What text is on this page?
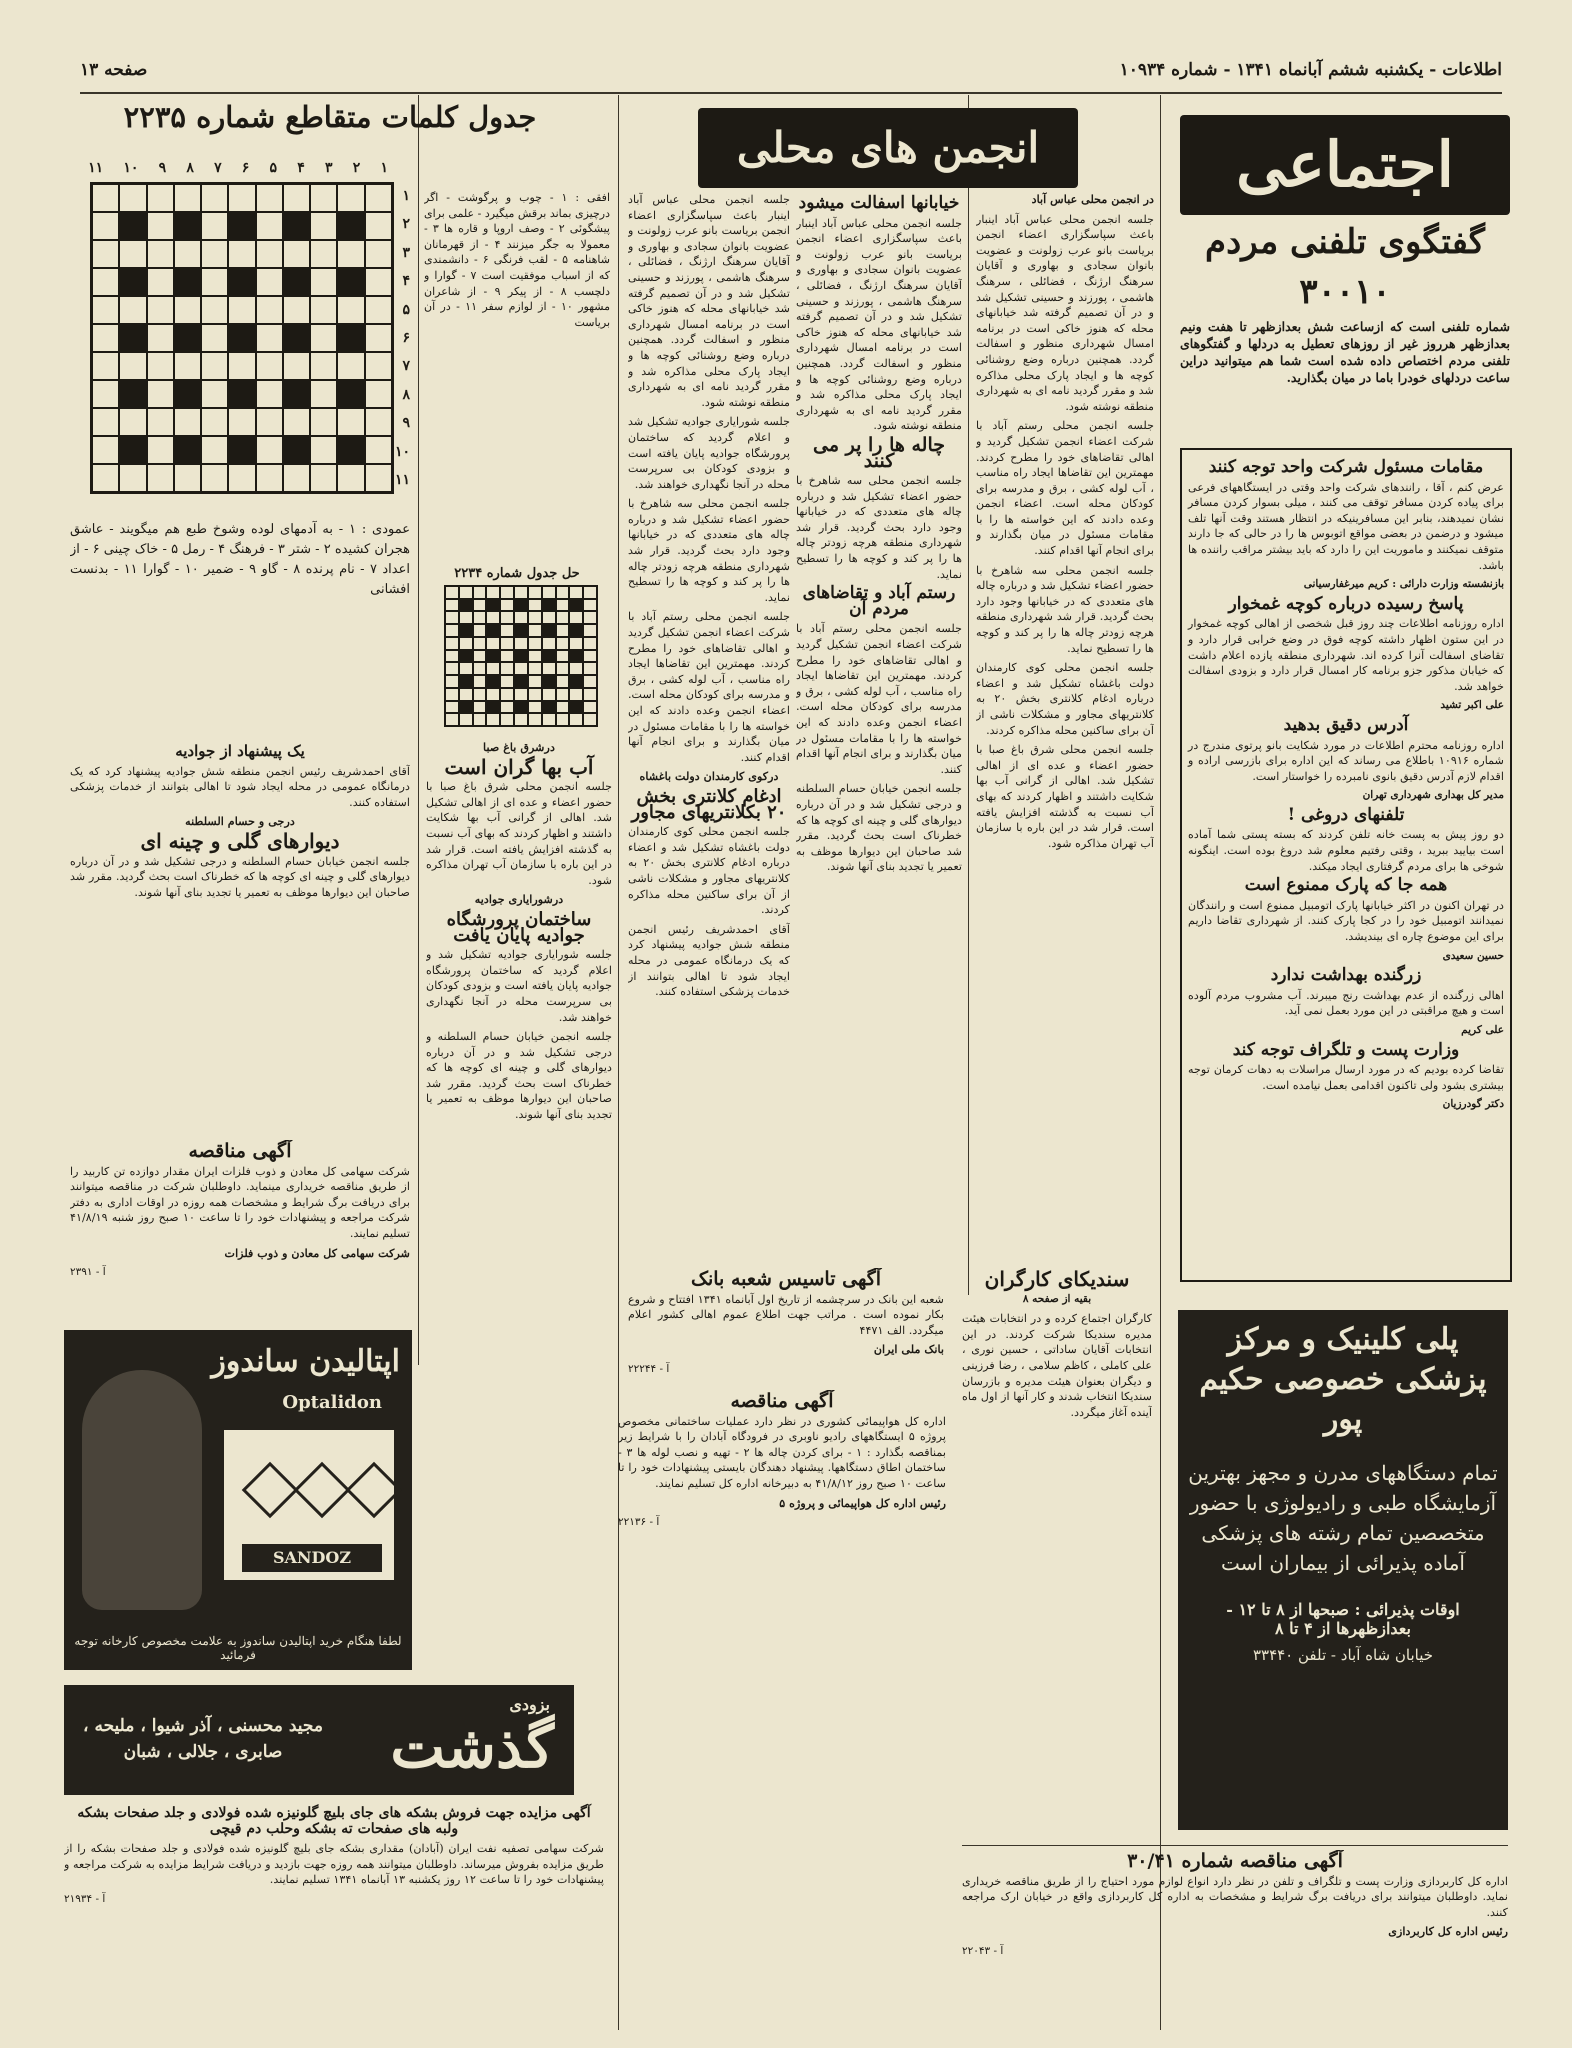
اطلاعات - یکشنبه ششم آبانماه ۱۳۴۱ - شماره ۱۰۹۳۴
صفحه ۱۳
اجتماعی
گفتگوی تلفنی مردم
۳۰۰۱۰
شماره تلفنی است که ازساعت شش بعدازظهر تا هفت ونیم بعدازظهر هرروز غیر از روزهای تعطیل به دردلها و گفتگوهای تلفنی مردم اختصاص داده شده است شما هم میتوانید دراین ساعت دردلهای خودرا باما در میان بگذارید.
مقامات مسئول شرکت واحد توجه کنند

عرض کنم ، آقا ، رانندهای شرکت واحد وقتی در ایستگاههای فرعی برای پیاده کردن مسافر توقف می کنند ، میلی بسوار کردن مسافر نشان نمیدهند، بنابر این مسافرینیکه در انتظار هستند وقت آنها تلف میشود و درضمن در بعضی مواقع اتوبوس ها را در حالی که جا دارند متوقف نمیکنند و ماموریت این را دارد که باید بیشتر مراقب راننده ها باشد.

بازنشسته وزارت دارائی : کریم میرغفارسیانی

پاسخ رسیده درباره کوچه غمخوار

اداره روزنامه اطلاعات چند روز قبل شخصی از اهالی کوچه غمخوار در این ستون اظهار داشته کوچه فوق در وضع خرابی قرار دارد و تقاضای اسفالت آنرا کرده اند. شهرداری منطقه یازده اعلام داشت که خیابان مذکور جزو برنامه کار امسال قرار دارد و بزودی اسفالت خواهد شد.

علی اکبر تشید

آدرس دقیق بدهید

اداره روزنامه محترم اطلاعات در مورد شکایت بانو پرتوی مندرج در شماره ۱۰۹۱۶ باطلاع می رساند که این اداره برای بازرسی اراده و اقدام لازم آدرس دقیق بانوی نامبرده را خواستار است.

مدیر کل بهداری شهرداری تهران

تلفنهای دروغی !

دو روز پیش به پست خانه تلفن کردند که بسته پستی شما آماده است بیایید ببرید ، وقتی رفتیم معلوم شد دروغ بوده است. اینگونه شوخی ها برای مردم گرفتاری ایجاد میکند.

همه جا که پارک ممنوع است

در تهران اکنون در اکثر خیابانها پارک اتومبیل ممنوع است و رانندگان نمیدانند اتومبیل خود را در کجا پارک کنند. از شهرداری تقاضا داریم برای این موضوع چاره ای بیندیشد.

حسین سعیدی

زرگنده بهداشت ندارد

اهالی زرگنده از عدم بهداشت رنج میبرند. آب مشروب مردم آلوده است و هیچ مراقبتی در این مورد بعمل نمی آید.

علی کریم

وزارت پست و تلگراف توجه کند

تقاضا کرده بودیم که در مورد ارسال مراسلات به دهات کرمان توجه بیشتری بشود ولی تاکنون اقدامی بعمل نیامده است.

دکتر گودرزیان

پلی کلینیک و مرکز پزشکی خصوصی حکیم پور
تمام دستگاههای مدرن و مجهز بهترین آزمایشگاه طبی و رادیولوژی با حضور متخصصین تمام رشته های پزشکی آماده پذیرائی از بیماران است
اوقات پذیرائی : صبحها از ۸ تا ۱۲ - بعدازظهرها از ۴ تا ۸
خیابان شاه آباد - تلفن ۳۳۴۴۰
انجمن های محلی

در انجمن محلی عباس آباد

جلسه انجمن محلی عباس آباد اینبار باعث سپاسگزاری اعضاء انجمن بریاست بانو عرب زولونت و عضویت بانوان سجادی و بهاوری و آقایان سرهنگ ارژنگ ، فضائلی ، سرهنگ هاشمی ، پورزند و حسینی تشکیل شد و در آن تصمیم گرفته شد خیابانهای محله که هنوز خاکی است در برنامه امسال شهرداری منظور و اسفالت گردد. همچنین درباره وضع روشنائی کوچه ها و ایجاد پارک محلی مذاکره شد و مقرر گردید نامه ای به شهرداری منطقه نوشته شود.

جلسه انجمن محلی رستم آباد با شرکت اعضاء انجمن تشکیل گردید و اهالی تقاضاهای خود را مطرح کردند. مهمترین این تقاضاها ایجاد راه مناسب ، آب لوله کشی ، برق و مدرسه برای کودکان محله است. اعضاء انجمن وعده دادند که این خواسته ها را با مقامات مسئول در میان بگذارند و برای انجام آنها اقدام کنند.

جلسه انجمن محلی سه شاهرخ با حضور اعضاء تشکیل شد و درباره چاله های متعددی که در خیابانها وجود دارد بحث گردید. قرار شد شهرداری منطقه هرچه زودتر چاله ها را پر کند و کوچه ها را تسطیح نماید.

جلسه انجمن محلی کوی کارمندان دولت باغشاه تشکیل شد و اعضاء درباره ادغام کلانتری بخش ۲۰ به کلانتریهای مجاور و مشکلات ناشی از آن برای ساکنین محله مذاکره کردند.

جلسه انجمن محلی شرق باغ صبا با حضور اعضاء و عده ای از اهالی تشکیل شد. اهالی از گرانی آب بها شکایت داشتند و اظهار کردند که بهای آب نسبت به گذشته افزایش یافته است. قرار شد در این باره با سازمان آب تهران مذاکره شود.

خیابانها اسفالت میشود

جلسه انجمن محلی عباس آباد اینبار باعث سپاسگزاری اعضاء انجمن بریاست بانو عرب زولونت و عضویت بانوان سجادی و بهاوری و آقایان سرهنگ ارژنگ ، فضائلی ، سرهنگ هاشمی ، پورزند و حسینی تشکیل شد و در آن تصمیم گرفته شد خیابانهای محله که هنوز خاکی است در برنامه امسال شهرداری منظور و اسفالت گردد. همچنین درباره وضع روشنائی کوچه ها و ایجاد پارک محلی مذاکره شد و مقرر گردید نامه ای به شهرداری منطقه نوشته شود.

چاله ها را پر می کنند

جلسه انجمن محلی سه شاهرخ با حضور اعضاء تشکیل شد و درباره چاله های متعددی که در خیابانها وجود دارد بحث گردید. قرار شد شهرداری منطقه هرچه زودتر چاله ها را پر کند و کوچه ها را تسطیح نماید.

رستم آباد و تقاضاهای مردم آن

جلسه انجمن محلی رستم آباد با شرکت اعضاء انجمن تشکیل گردید و اهالی تقاضاهای خود را مطرح کردند. مهمترین این تقاضاها ایجاد راه مناسب ، آب لوله کشی ، برق و مدرسه برای کودکان محله است. اعضاء انجمن وعده دادند که این خواسته ها را با مقامات مسئول در میان بگذارند و برای انجام آنها اقدام کنند.

جلسه انجمن خیابان حسام السلطنه و درجی تشکیل شد و در آن درباره دیوارهای گلی و چینه ای کوچه ها که خطرناک است بحث گردید. مقرر شد صاحبان این دیوارها موظف به تعمیر یا تجدید بنای آنها شوند.

جلسه انجمن محلی عباس آباد اینبار باعث سپاسگزاری اعضاء انجمن بریاست بانو عرب زولونت و عضویت بانوان سجادی و بهاوری و آقایان سرهنگ ارژنگ ، فضائلی ، سرهنگ هاشمی ، پورزند و حسینی تشکیل شد و در آن تصمیم گرفته شد خیابانهای محله که هنوز خاکی است در برنامه امسال شهرداری منظور و اسفالت گردد. همچنین درباره وضع روشنائی کوچه ها و ایجاد پارک محلی مذاکره شد و مقرر گردید نامه ای به شهرداری منطقه نوشته شود.

جلسه شورایاری جوادیه تشکیل شد و اعلام گردید که ساختمان پرورشگاه جوادیه پایان یافته است و بزودی کودکان بی سرپرست محله در آنجا نگهداری خواهند شد.

جلسه انجمن محلی سه شاهرخ با حضور اعضاء تشکیل شد و درباره چاله های متعددی که در خیابانها وجود دارد بحث گردید. قرار شد شهرداری منطقه هرچه زودتر چاله ها را پر کند و کوچه ها را تسطیح نماید.

جلسه انجمن محلی رستم آباد با شرکت اعضاء انجمن تشکیل گردید و اهالی تقاضاهای خود را مطرح کردند. مهمترین این تقاضاها ایجاد راه مناسب ، آب لوله کشی ، برق و مدرسه برای کودکان محله است. اعضاء انجمن وعده دادند که این خواسته ها را با مقامات مسئول در میان بگذارند و برای انجام آنها اقدام کنند.

درکوی کارمندان دولت باغشاه

ادغام کلانتری بخش ۲۰ بکلانتریهای مجاور

جلسه انجمن محلی کوی کارمندان دولت باغشاه تشکیل شد و اعضاء درباره ادغام کلانتری بخش ۲۰ به کلانتریهای مجاور و مشکلات ناشی از آن برای ساکنین محله مذاکره کردند.

آقای احمدشریف رئیس انجمن منطقه شش جوادیه پیشنهاد کرد که یک درمانگاه عمومی در محله ایجاد شود تا اهالی بتوانند از خدمات پزشکی استفاده کنند.

درشرق باغ صبا

آب بها گران است

جلسه انجمن محلی شرق باغ صبا با حضور اعضاء و عده ای از اهالی تشکیل شد. اهالی از گرانی آب بها شکایت داشتند و اظهار کردند که بهای آب نسبت به گذشته افزایش یافته است. قرار شد در این باره با سازمان آب تهران مذاکره شود.

درشورایاری جوادیه

ساختمان پرورشگاه جوادیه پایان یافت

جلسه شورایاری جوادیه تشکیل شد و اعلام گردید که ساختمان پرورشگاه جوادیه پایان یافته است و بزودی کودکان بی سرپرست محله در آنجا نگهداری خواهند شد.

جلسه انجمن خیابان حسام السلطنه و درجی تشکیل شد و در آن درباره دیوارهای گلی و چینه ای کوچه ها که خطرناک است بحث گردید. مقرر شد صاحبان این دیوارها موظف به تعمیر یا تجدید بنای آنها شوند.

یک پیشنهاد از جوادیه

آقای احمدشریف رئیس انجمن منطقه شش جوادیه پیشنهاد کرد که یک درمانگاه عمومی در محله ایجاد شود تا اهالی بتوانند از خدمات پزشکی استفاده کنند.

درجی و حسام السلطنه

دیوارهای گلی و چینه ای

جلسه انجمن خیابان حسام السلطنه و درجی تشکیل شد و در آن درباره دیوارهای گلی و چینه ای کوچه ها که خطرناک است بحث گردید. مقرر شد صاحبان این دیوارها موظف به تعمیر یا تجدید بنای آنها شوند.

جدول کلمات متقاطع شماره ۲۲۳۵
۱
۲
۳
۴
۵
۶
۷
۸
۹
۱۰
۱۱
۱
۲
۳
۴
۵
۶
۷
۸
۹
۱۰
۱۱
افقی : ۱ - چوب و پرگوشت - اگر درچیزی بماند برقش میگیرد - علمی برای پیشگوئی ۲ - وصف اروپا و قاره ها ۳ - معمولا به جگر میزنند ۴ - از قهرمانان شاهنامه ۵ - لقب فرنگی ۶ - دانشمندی که از اسباب موفقیت است ۷ - گوارا و دلچسب ۸ - از پیکر ۹ - از شاعران مشهور ۱۰ - از لوازم سفر ۱۱ - در آن بریاست
عمودی : ۱ - به آدمهای لوده وشوخ طبع هم میگویند - عاشق هجران کشیده ۲ - شتر ۳ - فرهنگ ۴ - رمل ۵ - خاک چینی ۶ - از اعداد ۷ - نام پرنده ۸ - گاو ۹ - ضمیر ۱۰ - گوارا ۱۱ - بدنست افشانی
حل جدول شماره ۲۲۳۴
آگهی مناقصه

شرکت سهامی کل معادن و ذوب فلزات ایران مقدار دوازده تن کاربید را از طریق مناقصه خریداری مینماید. داوطلبان شرکت در مناقصه میتوانند برای دریافت برگ شرایط و مشخصات همه روزه در اوقات اداری به دفتر شرکت مراجعه و پیشنهادات خود را تا ساعت ۱۰ صبح روز شنبه ۴۱/۸/۱۹ تسلیم نمایند.

شرکت سهامی کل معادن و ذوب فلزات

آ - ۲۳۹۱

اپتالیدن ساندوز
Optalidon
SANDOZ
لطفا هنگام خرید اپتالیدن ساندوز به علامت مخصوص کارخانه توجه فرمائید
بزودی
گذشت
مجید محسنی ، آذر شیوا ، ملیحه ، صابری ، جلالی ، شبان
آگهی تاسیس شعبه بانک

شعبه این بانک در سرچشمه از تاریخ اول آبانماه ۱۳۴۱ افتتاح و شروع بکار نموده است . مراتب جهت اطلاع عموم اهالی کشور اعلام میگردد. الف ۴۴۷۱

بانک ملی ایران

آ - ۲۲۲۴۴

سندیکای کارگران

بقیه از صفحه ۸

کارگران اجتماع کرده و در انتخابات هیئت مدیره سندیکا شرکت کردند. در این انتخابات آقایان ساداتی ، حسین نوری ، علی کاملی ، کاظم سلامی ، رضا فرزینی و دیگران بعنوان هیئت مدیره و بازرسان سندیکا انتخاب شدند و کار آنها از اول ماه آینده آغاز میگردد.

آگهی مناقصه

اداره کل هواپیمائی کشوری در نظر دارد عملیات ساختمانی مخصوص پروژه ۵ ایستگاههای رادیو ناوبری در فرودگاه آبادان را با شرایط زیر بمناقصه بگذارد : ۱ - برای کردن چاله ها ۲ - تهیه و نصب لوله ها ۳ - ساختمان اطاق دستگاهها. پیشنهاد دهندگان بایستی پیشنهادات خود را تا ساعت ۱۰ صبح روز ۴۱/۸/۱۲ به دبیرخانه اداره کل تسلیم نمایند.

رئیس اداره کل هواپیمائی و پروژه ۵

آ - ۲۲۱۳۶

آگهی مناقصه شماره ۳۰/۴۱

اداره کل کاربردازی وزارت پست و تلگراف و تلفن در نظر دارد انواع لوازم مورد احتیاج را از طریق مناقصه خریداری نماید. داوطلبان میتوانند برای دریافت برگ شرایط و مشخصات به اداره کل کاربردازی واقع در خیابان ارک مراجعه کنند.

رئیس اداره کل کاربردازی

آ - ۲۲۰۴۳

آگهی مزایده جهت فروش بشکه های جای بلیچ گلونیزه شده فولادی و جلد صفحات بشکه ولبه های صفحات ته بشکه وحلب دم قیچی

شرکت سهامی تصفیه نفت ایران (آبادان) مقداری بشکه جای بلیچ گلونیزه شده فولادی و جلد صفحات بشکه را از طریق مزایده بفروش میرساند. داوطلبان میتوانند همه روزه جهت بازدید و دریافت شرایط مزایده به شرکت مراجعه و پیشنهادات خود را تا ساعت ۱۲ روز یکشنبه ۱۳ آبانماه ۱۳۴۱ تسلیم نمایند.

آ - ۲۱۹۳۴
